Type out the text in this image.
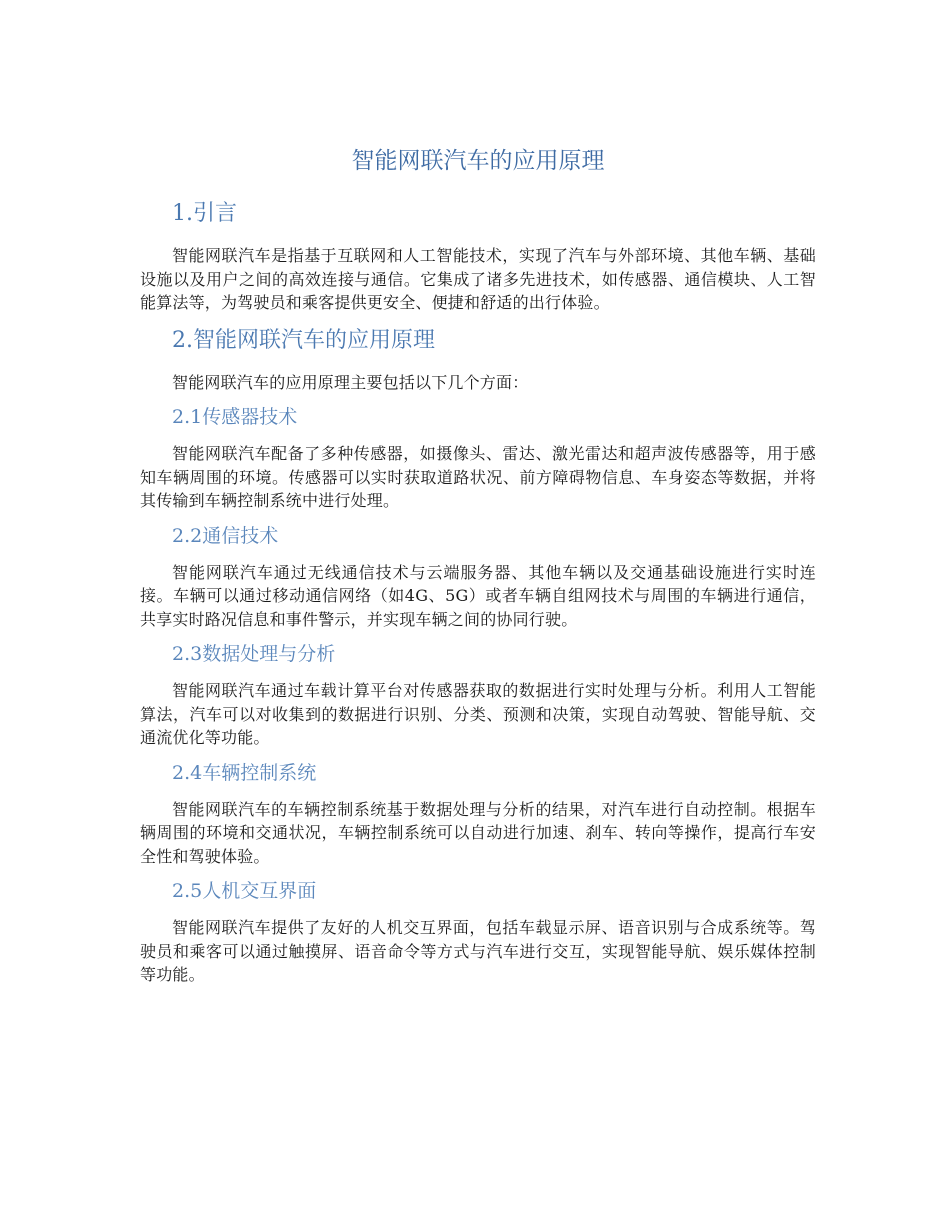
智能网联汽车的应用原理
1.引言

智能网联汽车是指基于互联网和人工智能技术，实现了汽车与外部环境、其他车辆、基础设施以及用户之间的高效连接与通信。它集成了诸多先进技术，如传感器、通信模块、人工智能算法等，为驾驶员和乘客提供更安全、便捷和舒适的出行体验。

2.智能网联汽车的应用原理

智能网联汽车的应用原理主要包括以下几个方面：

2.1传感器技术

智能网联汽车配备了多种传感器，如摄像头、雷达、激光雷达和超声波传感器等，用于感知车辆周围的环境。传感器可以实时获取道路状况、前方障碍物信息、车身姿态等数据，并将其传输到车辆控制系统中进行处理。

2.2通信技术

智能网联汽车通过无线通信技术与云端服务器、其他车辆以及交通基础设施进行实时连接。车辆可以通过移动通信网络（如4G、5G）或者车辆自组网技术与周围的车辆进行通信，共享实时路况信息和事件警示，并实现车辆之间的协同行驶。

2.3数据处理与分析

智能网联汽车通过车载计算平台对传感器获取的数据进行实时处理与分析。利用人工智能算法，汽车可以对收集到的数据进行识别、分类、预测和决策，实现自动驾驶、智能导航、交通流优化等功能。

2.4车辆控制系统

智能网联汽车的车辆控制系统基于数据处理与分析的结果，对汽车进行自动控制。根据车辆周围的环境和交通状况，车辆控制系统可以自动进行加速、刹车、转向等操作，提高行车安全性和驾驶体验。

2.5人机交互界面

智能网联汽车提供了友好的人机交互界面，包括车载显示屏、语音识别与合成系统等。驾驶员和乘客可以通过触摸屏、语音命令等方式与汽车进行交互，实现智能导航、娱乐媒体控制等功能。
